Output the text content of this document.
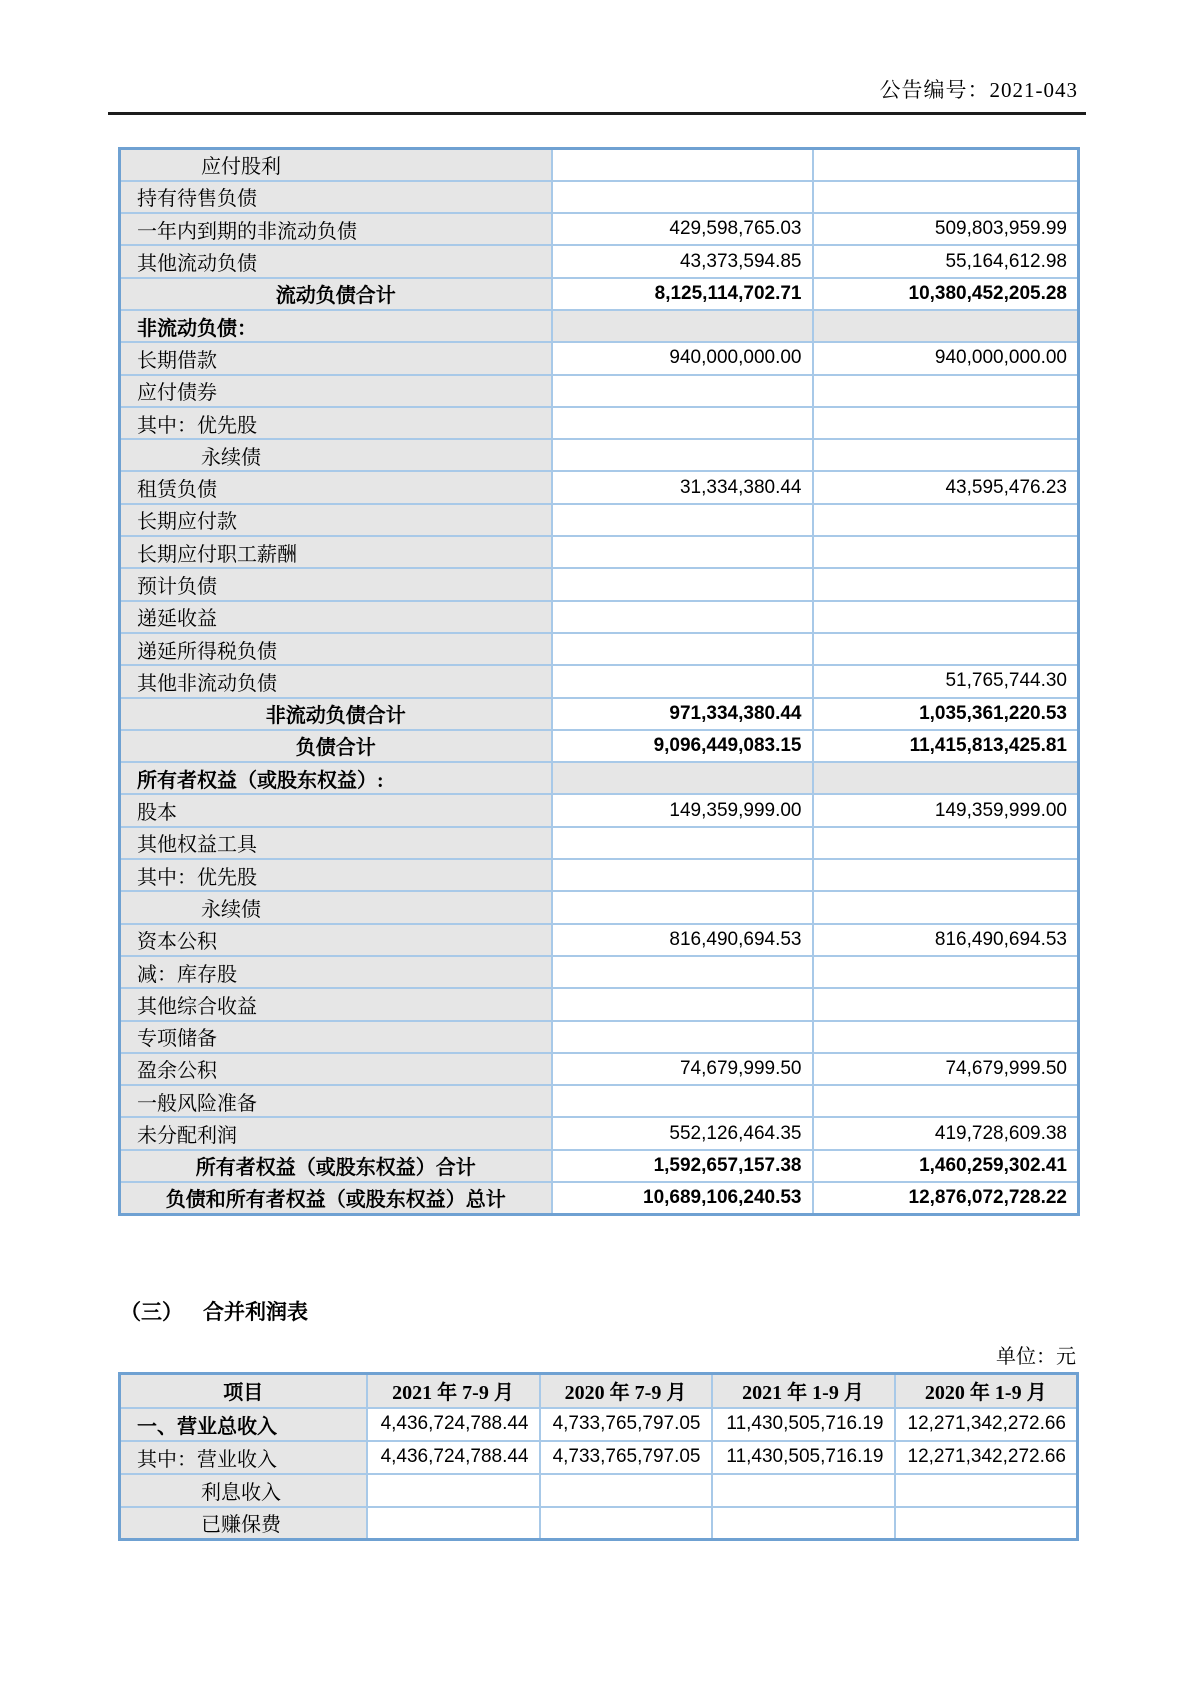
公告编号：2021-043
应付股利		
持有待售负债		
一年内到期的非流动负债	429,598,765.03	509,803,959.99
其他流动负债	43,373,594.85	55,164,612.98
流动负债合计	8,125,114,702.71	10,380,452,205.28
非流动负债：		
长期借款	940,000,000.00	940,000,000.00
应付债券		
其中：优先股		
永续债		
租赁负债	31,334,380.44	43,595,476.23
长期应付款		
长期应付职工薪酬		
预计负债		
递延收益		
递延所得税负债		
其他非流动负债		51,765,744.30
非流动负债合计	971,334,380.44	1,035,361,220.53
负债合计	9,096,449,083.15	11,415,813,425.81
所有者权益（或股东权益）:		
股本	149,359,999.00	149,359,999.00
其他权益工具		
其中：优先股		
永续债		
资本公积	816,490,694.53	816,490,694.53
减：库存股		
其他综合收益		
专项储备		
盈余公积	74,679,999.50	74,679,999.50
一般风险准备		
未分配利润	552,126,464.35	419,728,609.38
所有者权益（或股东权益）合计	1,592,657,157.38	1,460,259,302.41
负债和所有者权益（或股东权益）总计	10,689,106,240.53	12,876,072,728.22
（三） 合并利润表
单位：元
项目	2021 年 7-9 月	2020 年 7-9 月	2021 年 1-9 月	2020 年 1-9 月
一、营业总收入	4,436,724,788.44	4,733,765,797.05	11,430,505,716.19	12,271,342,272.66
其中：营业收入	4,436,724,788.44	4,733,765,797.05	11,430,505,716.19	12,271,342,272.66
利息收入				
已赚保费				
